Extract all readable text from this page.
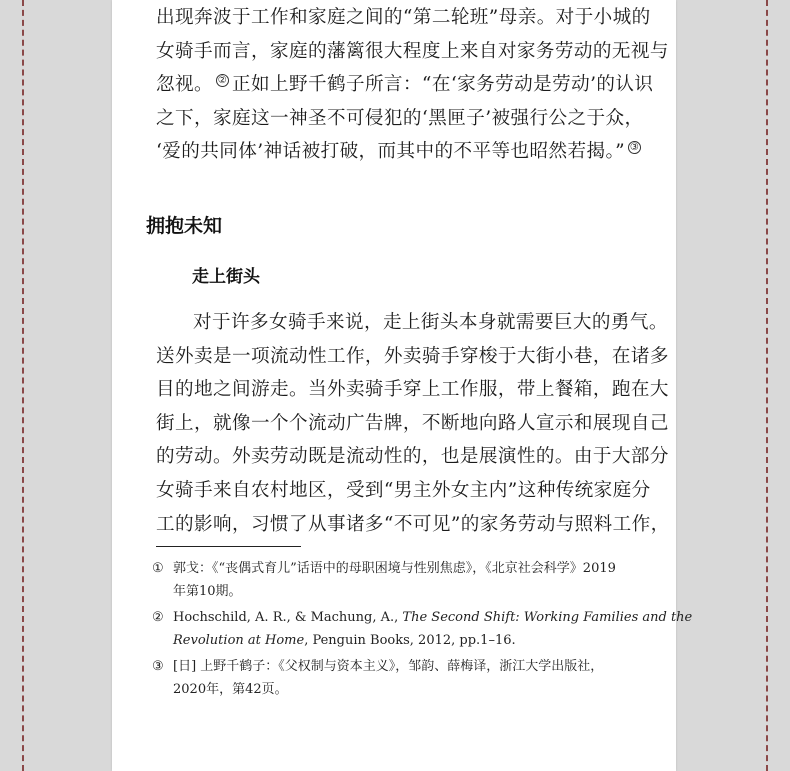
出现奔波于工作和家庭之间的“第二轮班”母亲。对于小城的
女骑手而言，家庭的藩篱很大程度上来自对家务劳动的无视与
忽视。 ② 正如上野千鹤子所言：“在‘家务劳动是劳动’的认识
之下，家庭这一神圣不可侵犯的‘黑匣子’被强行公之于众，
‘爱的共同体’神话被打破，而其中的不平等也昭然若揭。” ③

拥抱未知
走上街头

对于许多女骑手来说，走上街头本身就需要巨大的勇气。
送外卖是一项流动性工作，外卖骑手穿梭于大街小巷，在诸多
目的地之间游走。当外卖骑手穿上工作服，带上餐箱，跑在大
街上，就像一个个流动广告牌，不断地向路人宣示和展现自己
的劳动。外卖劳动既是流动性的，也是展演性的。由于大部分
女骑手来自农村地区，受到“男主外女主内”这种传统家庭分
工的影响，习惯了从事诸多“不可见”的家务劳动与照料工作，

① 郭戈：《“丧偶式育儿”话语中的母职困境与性别焦虑》，《北京社会科学》2019
年第10期。
② Hochschild, A. R., & Machung, A., The Second Shift: Working Families and the
Revolution at Home, Penguin Books, 2012, pp.1–16.
③ [日] 上野千鹤子：《父权制与资本主义》，邹韵、薛梅译，浙江大学出版社，
2020年，第42页。
